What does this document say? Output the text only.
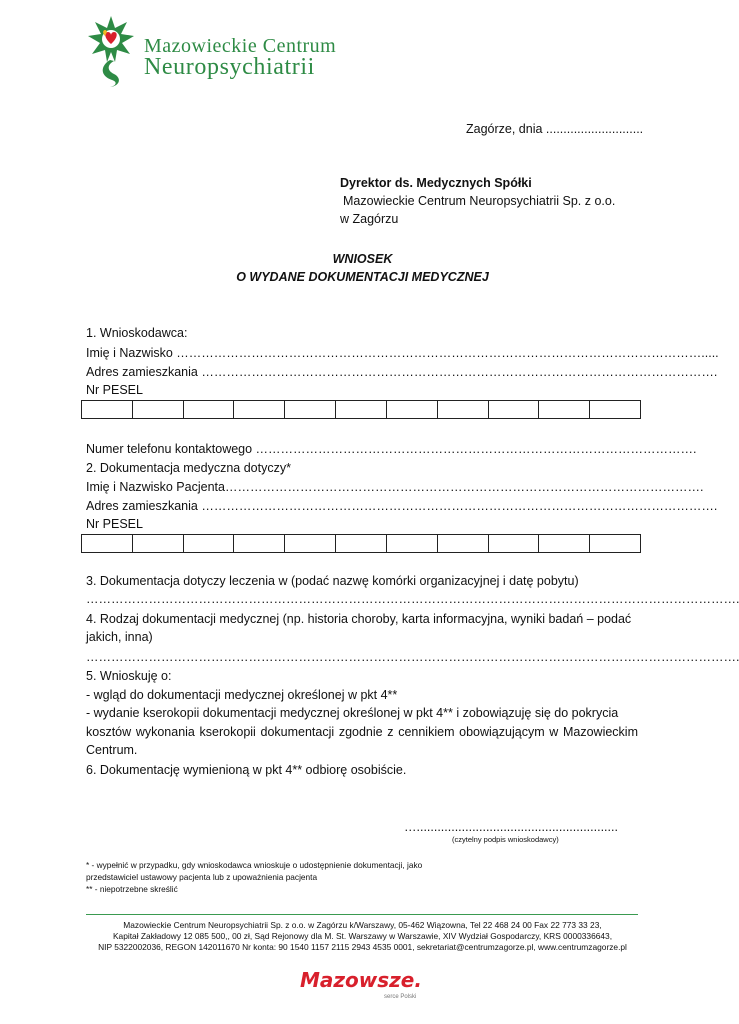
Mazowieckie Centrum
Neuropsychiatrii
Zagórze, dnia ............................
Dyrektor ds. Medycznych Spółki
Mazowieckie Centrum Neuropsychiatrii Sp. z o.o.
w Zagórzu
WNIOSEK
O WYDANE DOKUMENTACJI MEDYCZNEJ
1. Wnioskodawca:
Imię i Nazwisko ……………………………………………………………………………………………………………….....
Adres zamieszkania …………………………………………………………………………………………………………….
Nr PESEL

Numer telefonu kontaktowego …………………………………………………………………………………………….
2. Dokumentacja medyczna dotyczy*
Imię i Nazwisko Pacjenta…………………………………………………………………………………………………….
Adres zamieszkania …………………………………………………………………………………………………………….
Nr PESEL

3. Dokumentacja dotyczy leczenia w (podać nazwę komórki organizacyjnej i datę pobytu)
………………………………………………………………………………………………………………………………………….
4. Rodzaj dokumentacji medycznej (np. historia choroby, karta informacyjna, wyniki badań – podać
jakich, inna)
………………………………………………………………………………………………………………………………………….
5. Wnioskuję o:
- wgląd do dokumentacji medycznej określonej w pkt 4**
- wydanie kserokopii dokumentacji medycznej określonej w pkt 4** i zobowiązuję się do pokrycia
kosztów wykonania kserokopii dokumentacji zgodnie z cennikiem obowiązującym w Mazowieckim
Centrum.
6. Dokumentację wymienioną w pkt 4** odbiorę osobiście.
…..........................................................
(czytelny podpis wnioskodawcy)
* - wypełnić w przypadku, gdy wnioskodawca wnioskuje o udostępnienie dokumentacji, jako
przedstawiciel ustawowy pacjenta lub z upoważnienia pacjenta
** - niepotrzebne skreślić
Mazowieckie Centrum Neuropsychiatrii Sp. z o.o. w Zagórzu k/Warszawy, 05-462 Wiązowna, Tel 22 468 24 00 Fax 22 773 33 23,
Kapitał Zakładowy 12 085 500,, 00 zł, Sąd Rejonowy dla M. St. Warszawy w Warszawie, XIV Wydział Gospodarczy, KRS 0000336643,
NIP 5322002036, REGON 142011670 Nr konta: 90 1540 1157 2115 2943 4535 0001, sekretariat@centrumzagorze.pl, www.centrumzagorze.pl
Mazowsze.
serce Polski
